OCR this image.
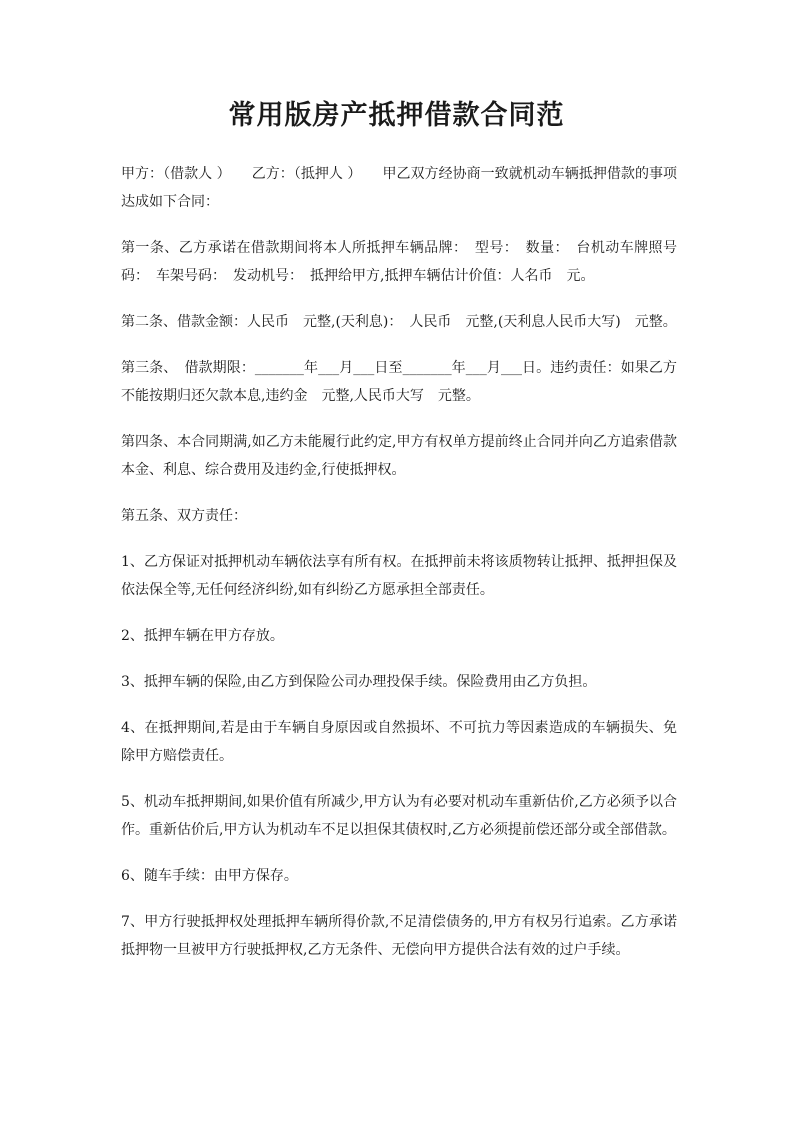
常用版房产抵押借款合同范

甲方：（借款人 ）　　乙方：（抵押人 ）　　甲乙双方经协商一致就机动车辆抵押借款的事项达成如下合同：

第一条、乙方承诺在借款期间将本人所抵押车辆品牌：　型号：　数量：　台机动车牌照号码：　车架号码：　发动机号：　抵押给甲方,抵押车辆估计价值：人名币　元。

第二条、借款金额：人民币　元整,(天利息)：　人民币　元整,(天利息人民币大写)　元整。

第三条、　借款期限：_______年___月___日至_______年___月___日。违约责任：如果乙方不能按期归还欠款本息,违约金　元整,人民币大写　元整。

第四条、本合同期满,如乙方未能履行此约定,甲方有权单方提前终止合同并向乙方追索借款本金、利息、综合费用及违约金,行使抵押权。

第五条、双方责任：

1、乙方保证对抵押机动车辆依法享有所有权。在抵押前未将该质物转让抵押、抵押担保及依法保全等,无任何经济纠纷,如有纠纷乙方愿承担全部责任。

2、抵押车辆在甲方存放。

3、抵押车辆的保险,由乙方到保险公司办理投保手续。保险费用由乙方负担。

4、在抵押期间,若是由于车辆自身原因或自然损坏、不可抗力等因素造成的车辆损失、免除甲方赔偿责任。

5、机动车抵押期间,如果价值有所减少,甲方认为有必要对机动车重新估价,乙方必须予以合作。重新估价后,甲方认为机动车不足以担保其债权时,乙方必须提前偿还部分或全部借款。

6、随车手续：由甲方保存。

7、甲方行驶抵押权处理抵押车辆所得价款,不足清偿债务的,甲方有权另行追索。乙方承诺抵押物一旦被甲方行驶抵押权,乙方无条件、无偿向甲方提供合法有效的过户手续。
